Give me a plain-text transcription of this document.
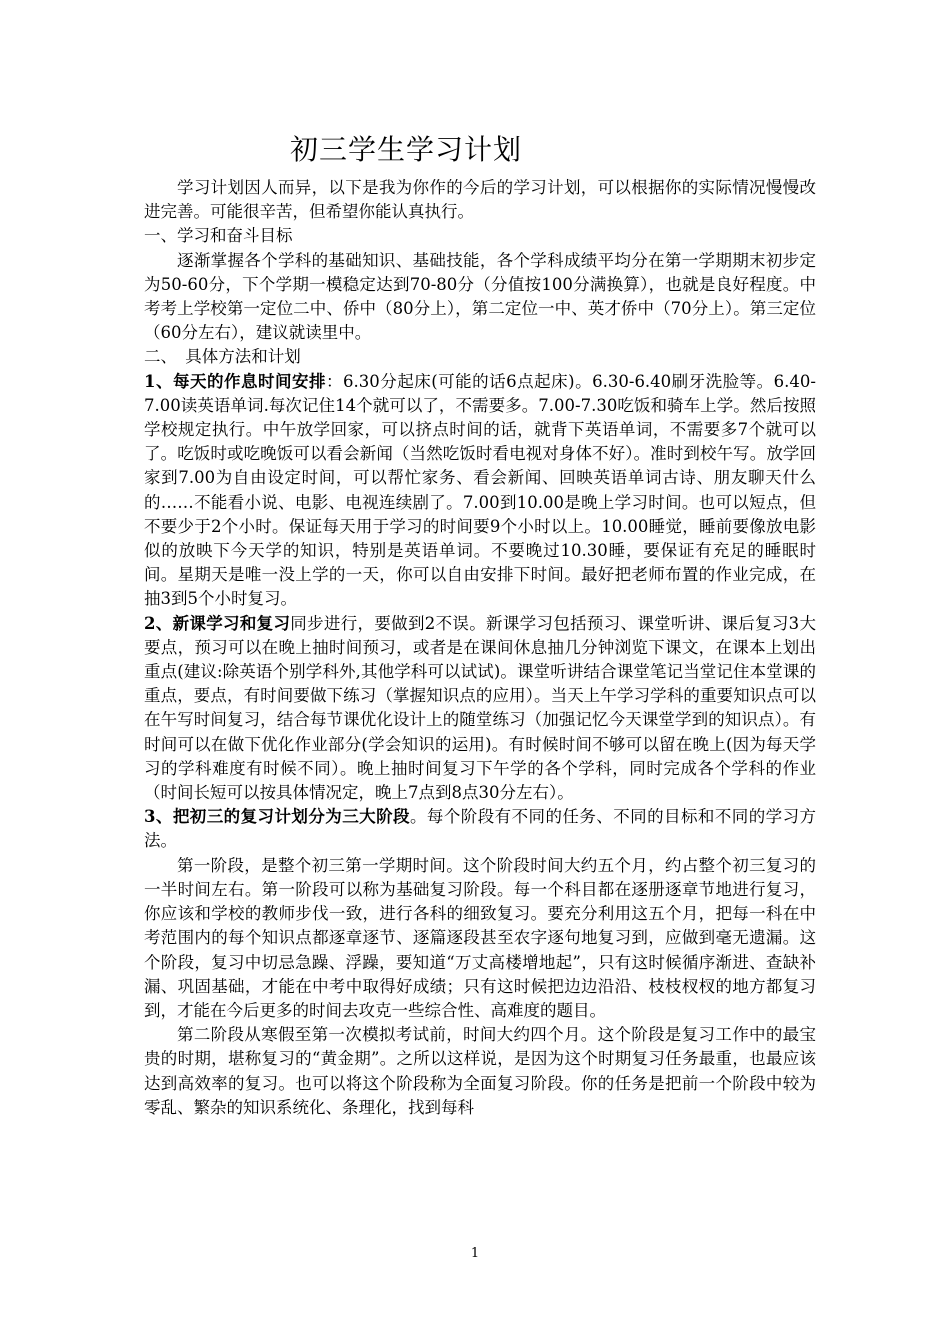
初三学生学习计划

学习计划因人而异，以下是我为你作的今后的学习计划，可以根据你的实际情况慢慢改进完善。可能很辛苦，但希望你能认真执行。

一、学习和奋斗目标

逐渐掌握各个学科的基础知识、基础技能，各个学科成绩平均分在第一学期期末初步定为50-60分，下个学期一模稳定达到70-80分（分值按100分满换算），也就是良好程度。中考考上学校第一定位二中、侨中（80分上），第二定位一中、英才侨中（70分上）。第三定位（60分左右），建议就读里中。

二、　具体方法和计划

1、每天的作息时间安排：6.30分起床(可能的话6点起床)。6.30-6.40刷牙洗脸等。6.40-7.00读英语单词.每次记住14个就可以了，不需要多。7.00-7.30吃饭和骑车上学。然后按照学校规定执行。中午放学回家，可以挤点时间的话，就背下英语单词，不需要多7个就可以了。吃饭时或吃晚饭可以看会新闻（当然吃饭时看电视对身体不好）。准时到校午写。放学回家到7.00为自由设定时间，可以帮忙家务、看会新闻、回映英语单词古诗、朋友聊天什么的……不能看小说、电影、电视连续剧了。7.00到10.00是晚上学习时间。也可以短点，但不要少于2个小时。保证每天用于学习的时间要9个小时以上。10.00睡觉，睡前要像放电影似的放映下今天学的知识，特别是英语单词。不要晚过10.30睡，要保证有充足的睡眠时间。星期天是唯一没上学的一天，你可以自由安排下时间。最好把老师布置的作业完成，在抽3到5个小时复习。

2、新课学习和复习同步进行，要做到2不误。新课学习包括预习、课堂听讲、课后复习3大要点，预习可以在晚上抽时间预习，或者是在课间休息抽几分钟浏览下课文，在课本上划出重点(建议:除英语个别学科外,其他学科可以试试)。课堂听讲结合课堂笔记当堂记住本堂课的重点，要点，有时间要做下练习（掌握知识点的应用）。当天上午学习学科的重要知识点可以在午写时间复习，结合每节课优化设计上的随堂练习（加强记忆今天课堂学到的知识点）。有时间可以在做下优化作业部分(学会知识的运用)。有时候时间不够可以留在晚上(因为每天学习的学科难度有时候不同）。晚上抽时间复习下午学的各个学科，同时完成各个学科的作业（时间长短可以按具体情况定，晚上7点到8点30分左右）。

3、把初三的复习计划分为三大阶段。每个阶段有不同的任务、不同的目标和不同的学习方法。

第一阶段，是整个初三第一学期时间。这个阶段时间大约五个月，约占整个初三复习的一半时间左右。第一阶段可以称为基础复习阶段。每一个科目都在逐册逐章节地进行复习，你应该和学校的教师步伐一致，进行各科的细致复习。要充分利用这五个月，把每一科在中考范围内的每个知识点都逐章逐节、逐篇逐段甚至农字逐句地复习到，应做到毫无遗漏。这个阶段，复习中切忌急躁、浮躁，要知道“万丈高楼增地起”，只有这时候循序渐进、查缺补漏、巩固基础，才能在中考中取得好成绩；只有这时候把边边沿沿、枝枝杈杈的地方都复习到，才能在今后更多的时间去攻克一些综合性、高难度的题目。

第二阶段从寒假至第一次模拟考试前，时间大约四个月。这个阶段是复习工作中的最宝贵的时期，堪称复习的“黄金期”。之所以这样说，是因为这个时期复习任务最重，也最应该达到高效率的复习。也可以将这个阶段称为全面复习阶段。你的任务是把前一个阶段中较为零乱、繁杂的知识系统化、条理化，找到每科

1
